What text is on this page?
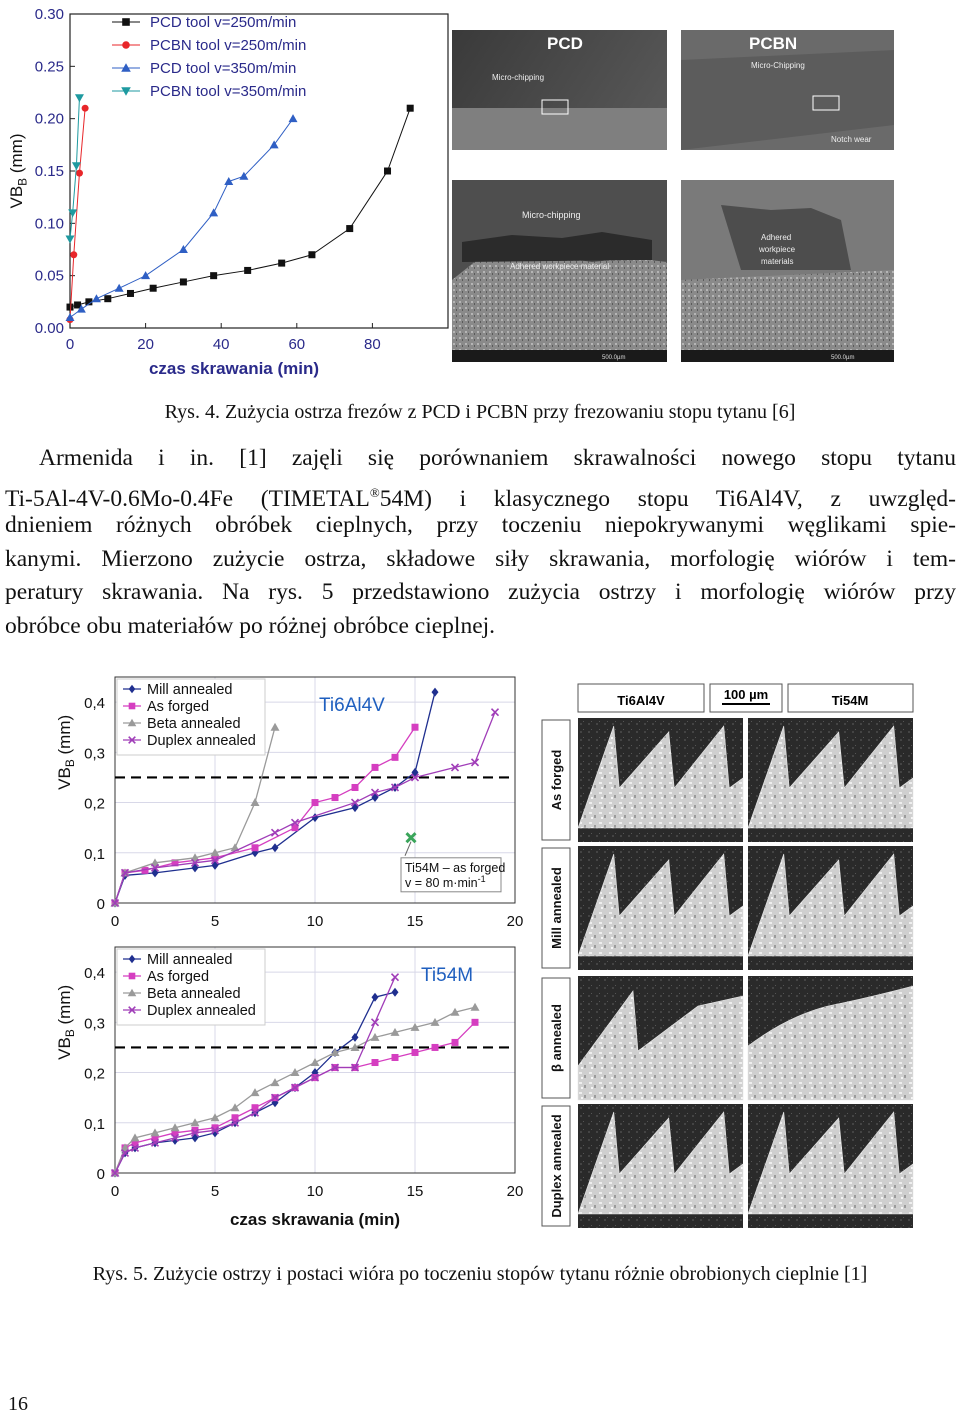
0.00
0.05
0.10
0.15
0.20
0.25
0.30
0	20	40	60	80
czas skrawania (min)
$VB_B$ (mm)
PCD tool v=250m/min
PCBN tool v=250m/min
PCD tool v=350m/min
PCBN tool v=350m/min
PCD
Micro-chipping
Micro-chipping
Adhered workpiece material
500.0µm
PCBN
Micro-Chipping
Notch wear
Adhered
workpiece
materials
500.0µm
Rys. 4. Zużycia ostrza frezów z PCD i PCBN przy frezowaniu stopu tytanu [6]
Armenida i in. [1] zajęli się porównaniem skrawalności nowego stopu tytanu
Ti-5Al-4V-0.6Mo-0.4Fe (TIMETAL®54M) i klasycznego stopu Ti6Al4V, z uwzględ-
dnieniem różnych obróbek cieplnych, przy toczeniu niepokrywanymi węglikami spie-
kanymi. Mierzono zużycie ostrza, składowe siły skrawania, morfologię wiórów i tem-
peratury skrawania. Na rys. 5 przedstawiono zużycia ostrzy i morfologię wiórów przy
obróbce obu materiałów po różnej obróbce cieplnej.
0
0,1
0,2
0,3
0,4
0	5	10	15	20
$VB_B$ (mm)
Mill annealed
As forged
Beta annealed
Duplex annealed
Ti6Al4V
Ti54M – as forged
v = 80 $m\cdot\min^{-1}$
0
0,1
0,2
0,3
0,4
0	5	10	15	20
czas skrawania (min)
$VB_B$ (mm)
Mill annealed
As forged
Beta annealed
Duplex annealed
Ti54M
Ti6Al4V	100 µm	Ti54M
As forged
Mill annealed
β annealed
Duplex annealed
Rys. 5. Zużycie ostrzy i postaci wióra po toczeniu stopów tytanu różnie obrobionych cieplnie [1]
16
